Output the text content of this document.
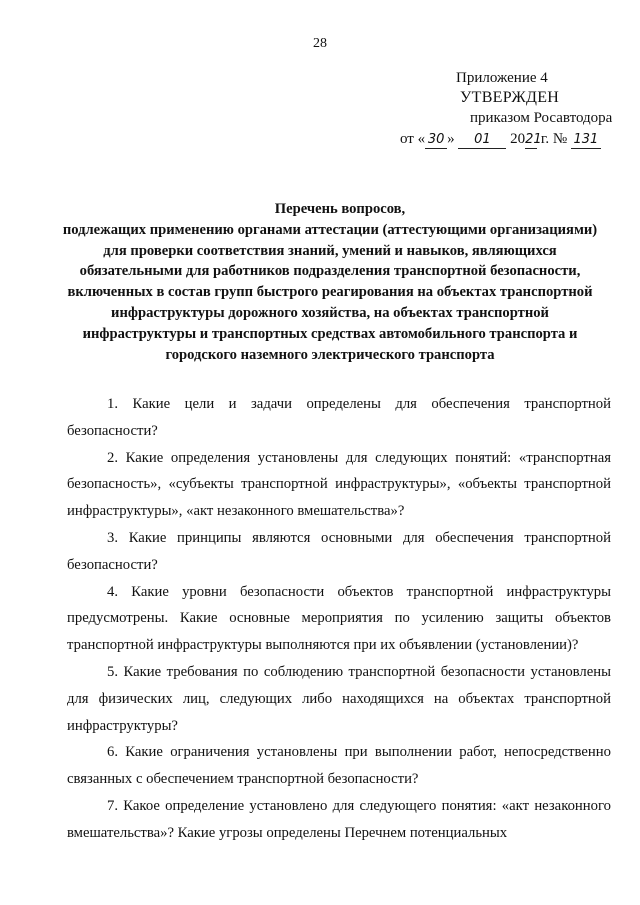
28
Приложение 4
УТВЕРЖДЕН
приказом Росавтодора
от « 30 » 01 2021 г. № 131
Перечень вопросов,
подлежащих применению органами аттестации (аттестующими организациями) для проверки соответствия знаний, умений и навыков, являющихся обязательными для работников подразделения транспортной безопасности, включенных в состав групп быстрого реагирования на объектах транспортной инфраструктуры дорожного хозяйства, на объектах транспортной инфраструктуры и транспортных средствах автомобильного транспорта и городского наземного электрического транспорта

1. Какие цели и задачи определены для обеспечения транспортной безопасности?

2. Какие определения установлены для следующих понятий: «транспортная безопасность», «субъекты транспортной инфраструктуры», «объекты транспортной инфраструктуры», «акт незаконного вмешательства»?

3. Какие принципы являются основными для обеспечения транспортной безопасности?

4. Какие уровни безопасности объектов транспортной инфраструктуры предусмотрены. Какие основные мероприятия по усилению защиты объектов транспортной инфраструктуры выполняются при их объявлении (установлении)?

5. Какие требования по соблюдению транспортной безопасности установлены для физических лиц, следующих либо находящихся на объектах транспортной инфраструктуры?

6. Какие ограничения установлены при выполнении работ, непосредственно связанных с обеспечением транспортной безопасности?

7. Какое определение установлено для следующего понятия: «акт незаконного вмешательства»? Какие угрозы определены Перечнем потенциальных
